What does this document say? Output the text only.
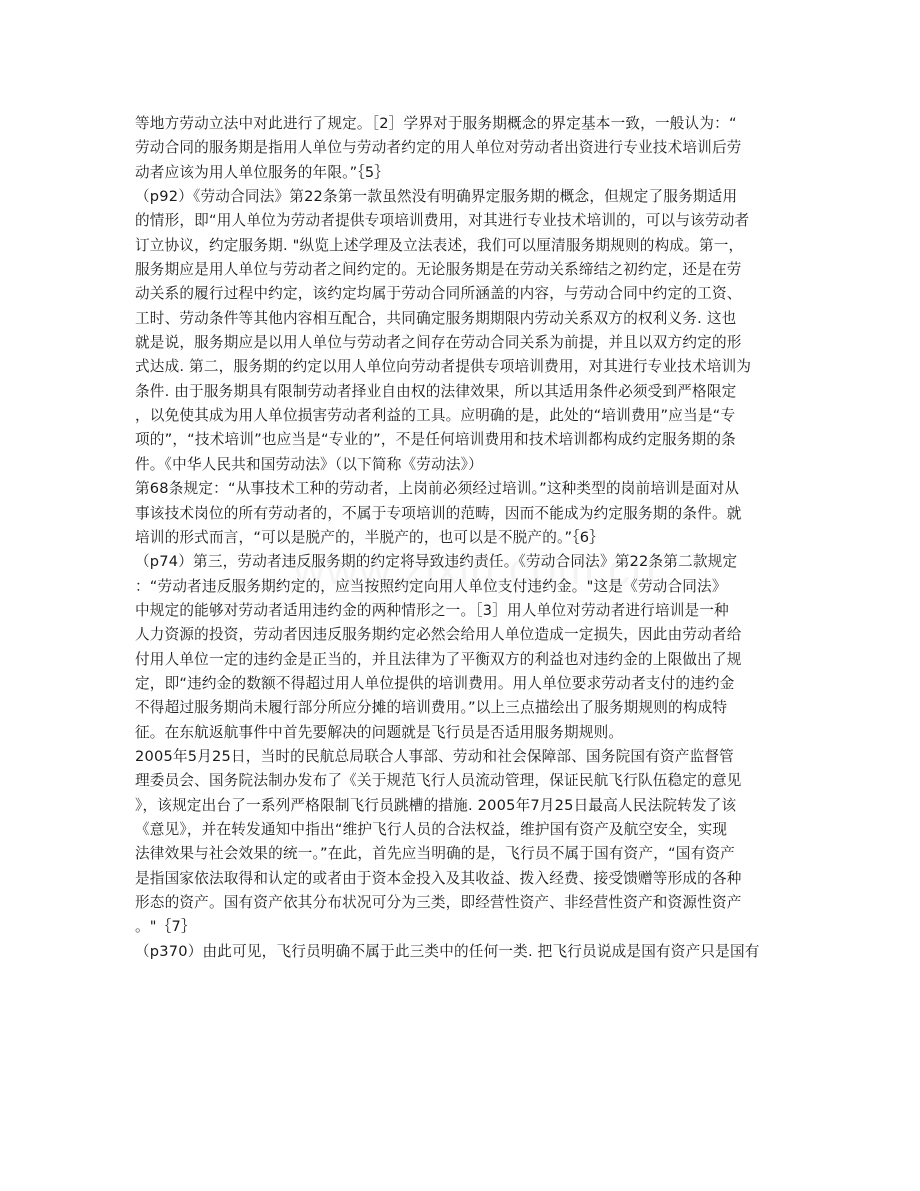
等地方劳动立法中对此进行了规定。［2］学界对于服务期概念的界定基本一致，一般认为：“
劳动合同的服务期是指用人单位与劳动者约定的用人单位对劳动者出资进行专业技术培训后劳
动者应该为用人单位服务的年限。”｛5｝
（p92）《劳动合同法》第22条第一款虽然没有明确界定服务期的概念，但规定了服务期适用
的情形，即“用人单位为劳动者提供专项培训费用，对其进行专业技术培训的，可以与该劳动者
订立协议，约定服务期. "纵览上述学理及立法表述，我们可以厘清服务期规则的构成。第一，
服务期应是用人单位与劳动者之间约定的。无论服务期是在劳动关系缔结之初约定，还是在劳
动关系的履行过程中约定，该约定均属于劳动合同所涵盖的内容，与劳动合同中约定的工资、
工时、劳动条件等其他内容相互配合，共同确定服务期期限内劳动关系双方的权利义务. 这也
就是说，服务期应是以用人单位与劳动者之间存在劳动合同关系为前提，并且以双方约定的形
式达成. 第二，服务期的约定以用人单位向劳动者提供专项培训费用，对其进行专业技术培训为
条件. 由于服务期具有限制劳动者择业自由权的法律效果，所以其适用条件必须受到严格限定
，以免使其成为用人单位损害劳动者利益的工具。应明确的是，此处的“培训费用”应当是“专
项的”，“技术培训”也应当是“专业的”，不是任何培训费用和技术培训都构成约定服务期的条
件。《中华人民共和国劳动法》（以下简称《劳动法》）
第68条规定：“从事技术工种的劳动者，上岗前必须经过培训。”这种类型的岗前培训是面对从
事该技术岗位的所有劳动者的，不属于专项培训的范畴，因而不能成为约定服务期的条件。就
培训的形式而言，“可以是脱产的，半脱产的，也可以是不脱产的。”｛6｝
（p74）第三，劳动者违反服务期的约定将导致违约责任。《劳动合同法》第22条第二款规定
：“劳动者违反服务期约定的，应当按照约定向用人单位支付违约金。"这是《劳动合同法》
中规定的能够对劳动者适用违约金的两种情形之一。［3］用人单位对劳动者进行培训是一种
人力资源的投资，劳动者因违反服务期约定必然会给用人单位造成一定损失，因此由劳动者给
付用人单位一定的违约金是正当的，并且法律为了平衡双方的利益也对违约金的上限做出了规
定，即“违约金的数额不得超过用人单位提供的培训费用。用人单位要求劳动者支付的违约金
不得超过服务期尚未履行部分所应分摊的培训费用。”以上三点描绘出了服务期规则的构成特
征。在东航返航事件中首先要解决的问题就是飞行员是否适用服务期规则。
2005年5月25日，当时的民航总局联合人事部、劳动和社会保障部、国务院国有资产监督管
理委员会、国务院法制办发布了《关于规范飞行人员流动管理，保证民航飞行队伍稳定的意见
》，该规定出台了一系列严格限制飞行员跳槽的措施. 2005年7月25日最高人民法院转发了该
《意见》，并在转发通知中指出“维护飞行人员的合法权益，维护国有资产及航空安全，实现
法律效果与社会效果的统一。”在此，首先应当明确的是，飞行员不属于国有资产，“国有资产
是指国家依法取得和认定的或者由于资本金投入及其收益、拨入经费、接受馈赠等形成的各种
形态的资产。国有资产依其分布状况可分为三类，即经营性资产、非经营性资产和资源性资产
。"｛7｝
（p370）由此可见，飞行员明确不属于此三类中的任何一类. 把飞行员说成是国有资产只是国有
